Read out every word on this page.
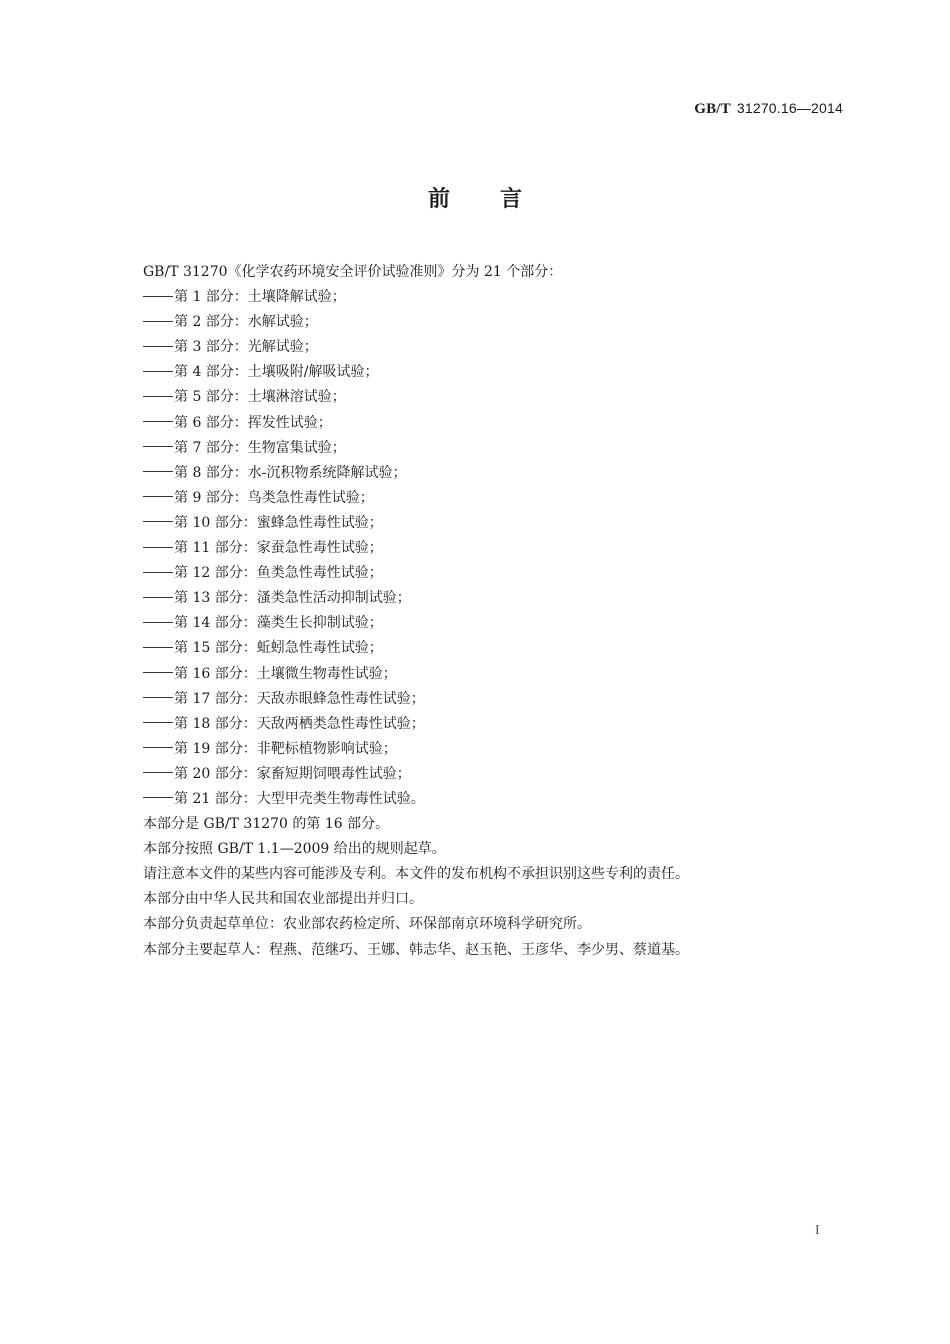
GB/T 31270.16—2014
前 言
GB/T 31270《化学农药环境安全评价试验准则》分为 21 个部分：
第 1 部分：土壤降解试验；
第 2 部分：水解试验；
第 3 部分：光解试验；
第 4 部分：土壤吸附/解吸试验；
第 5 部分：土壤淋溶试验；
第 6 部分：挥发性试验；
第 7 部分：生物富集试验；
第 8 部分：水-沉积物系统降解试验；
第 9 部分：鸟类急性毒性试验；
第 10 部分：蜜蜂急性毒性试验；
第 11 部分：家蚕急性毒性试验；
第 12 部分：鱼类急性毒性试验；
第 13 部分：溞类急性活动抑制试验；
第 14 部分：藻类生长抑制试验；
第 15 部分：蚯蚓急性毒性试验；
第 16 部分：土壤微生物毒性试验；
第 17 部分：天敌赤眼蜂急性毒性试验；
第 18 部分：天敌两栖类急性毒性试验；
第 19 部分：非靶标植物影响试验；
第 20 部分：家畜短期饲喂毒性试验；
第 21 部分：大型甲壳类生物毒性试验。
本部分是 GB/T 31270 的第 16 部分。
本部分按照 GB/T 1.1—2009 给出的规则起草。
请注意本文件的某些内容可能涉及专利。本文件的发布机构不承担识别这些专利的责任。
本部分由中华人民共和国农业部提出并归口。
本部分负责起草单位：农业部农药检定所、环保部南京环境科学研究所。
本部分主要起草人：程燕、范继巧、王娜、韩志华、赵玉艳、王彦华、李少男、蔡道基。
I
